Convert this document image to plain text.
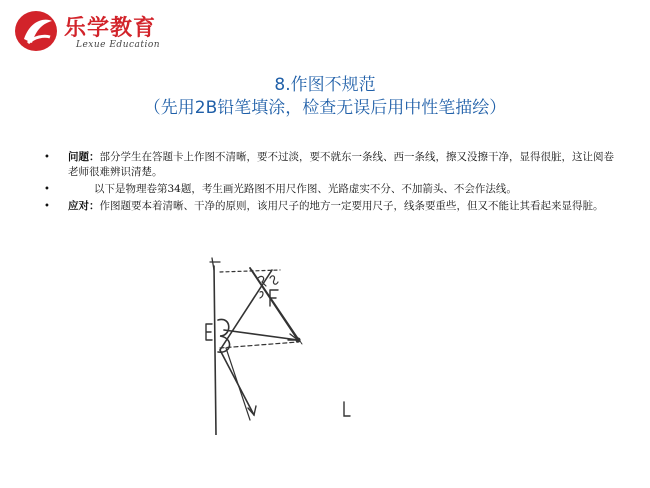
乐学教育
Lexue Education
8.作图不规范
（先用2B铅笔填涂，检查无误后用中性笔描绘）
• 问题：部分学生在答题卡上作图不清晰，要不过淡，要不就东一条线、西一条线，擦又没擦干净，显得很脏，这让阅卷老师很难辨识清楚。
•	以下是物理卷第34题，考生画光路图不用尺作图、光路虚实不分、不加箭头、不会作法线。
• 应对：作图题要本着清晰、干净的原则，该用尺子的地方一定要用尺子，线条要重些，但又不能让其看起来显得脏。
